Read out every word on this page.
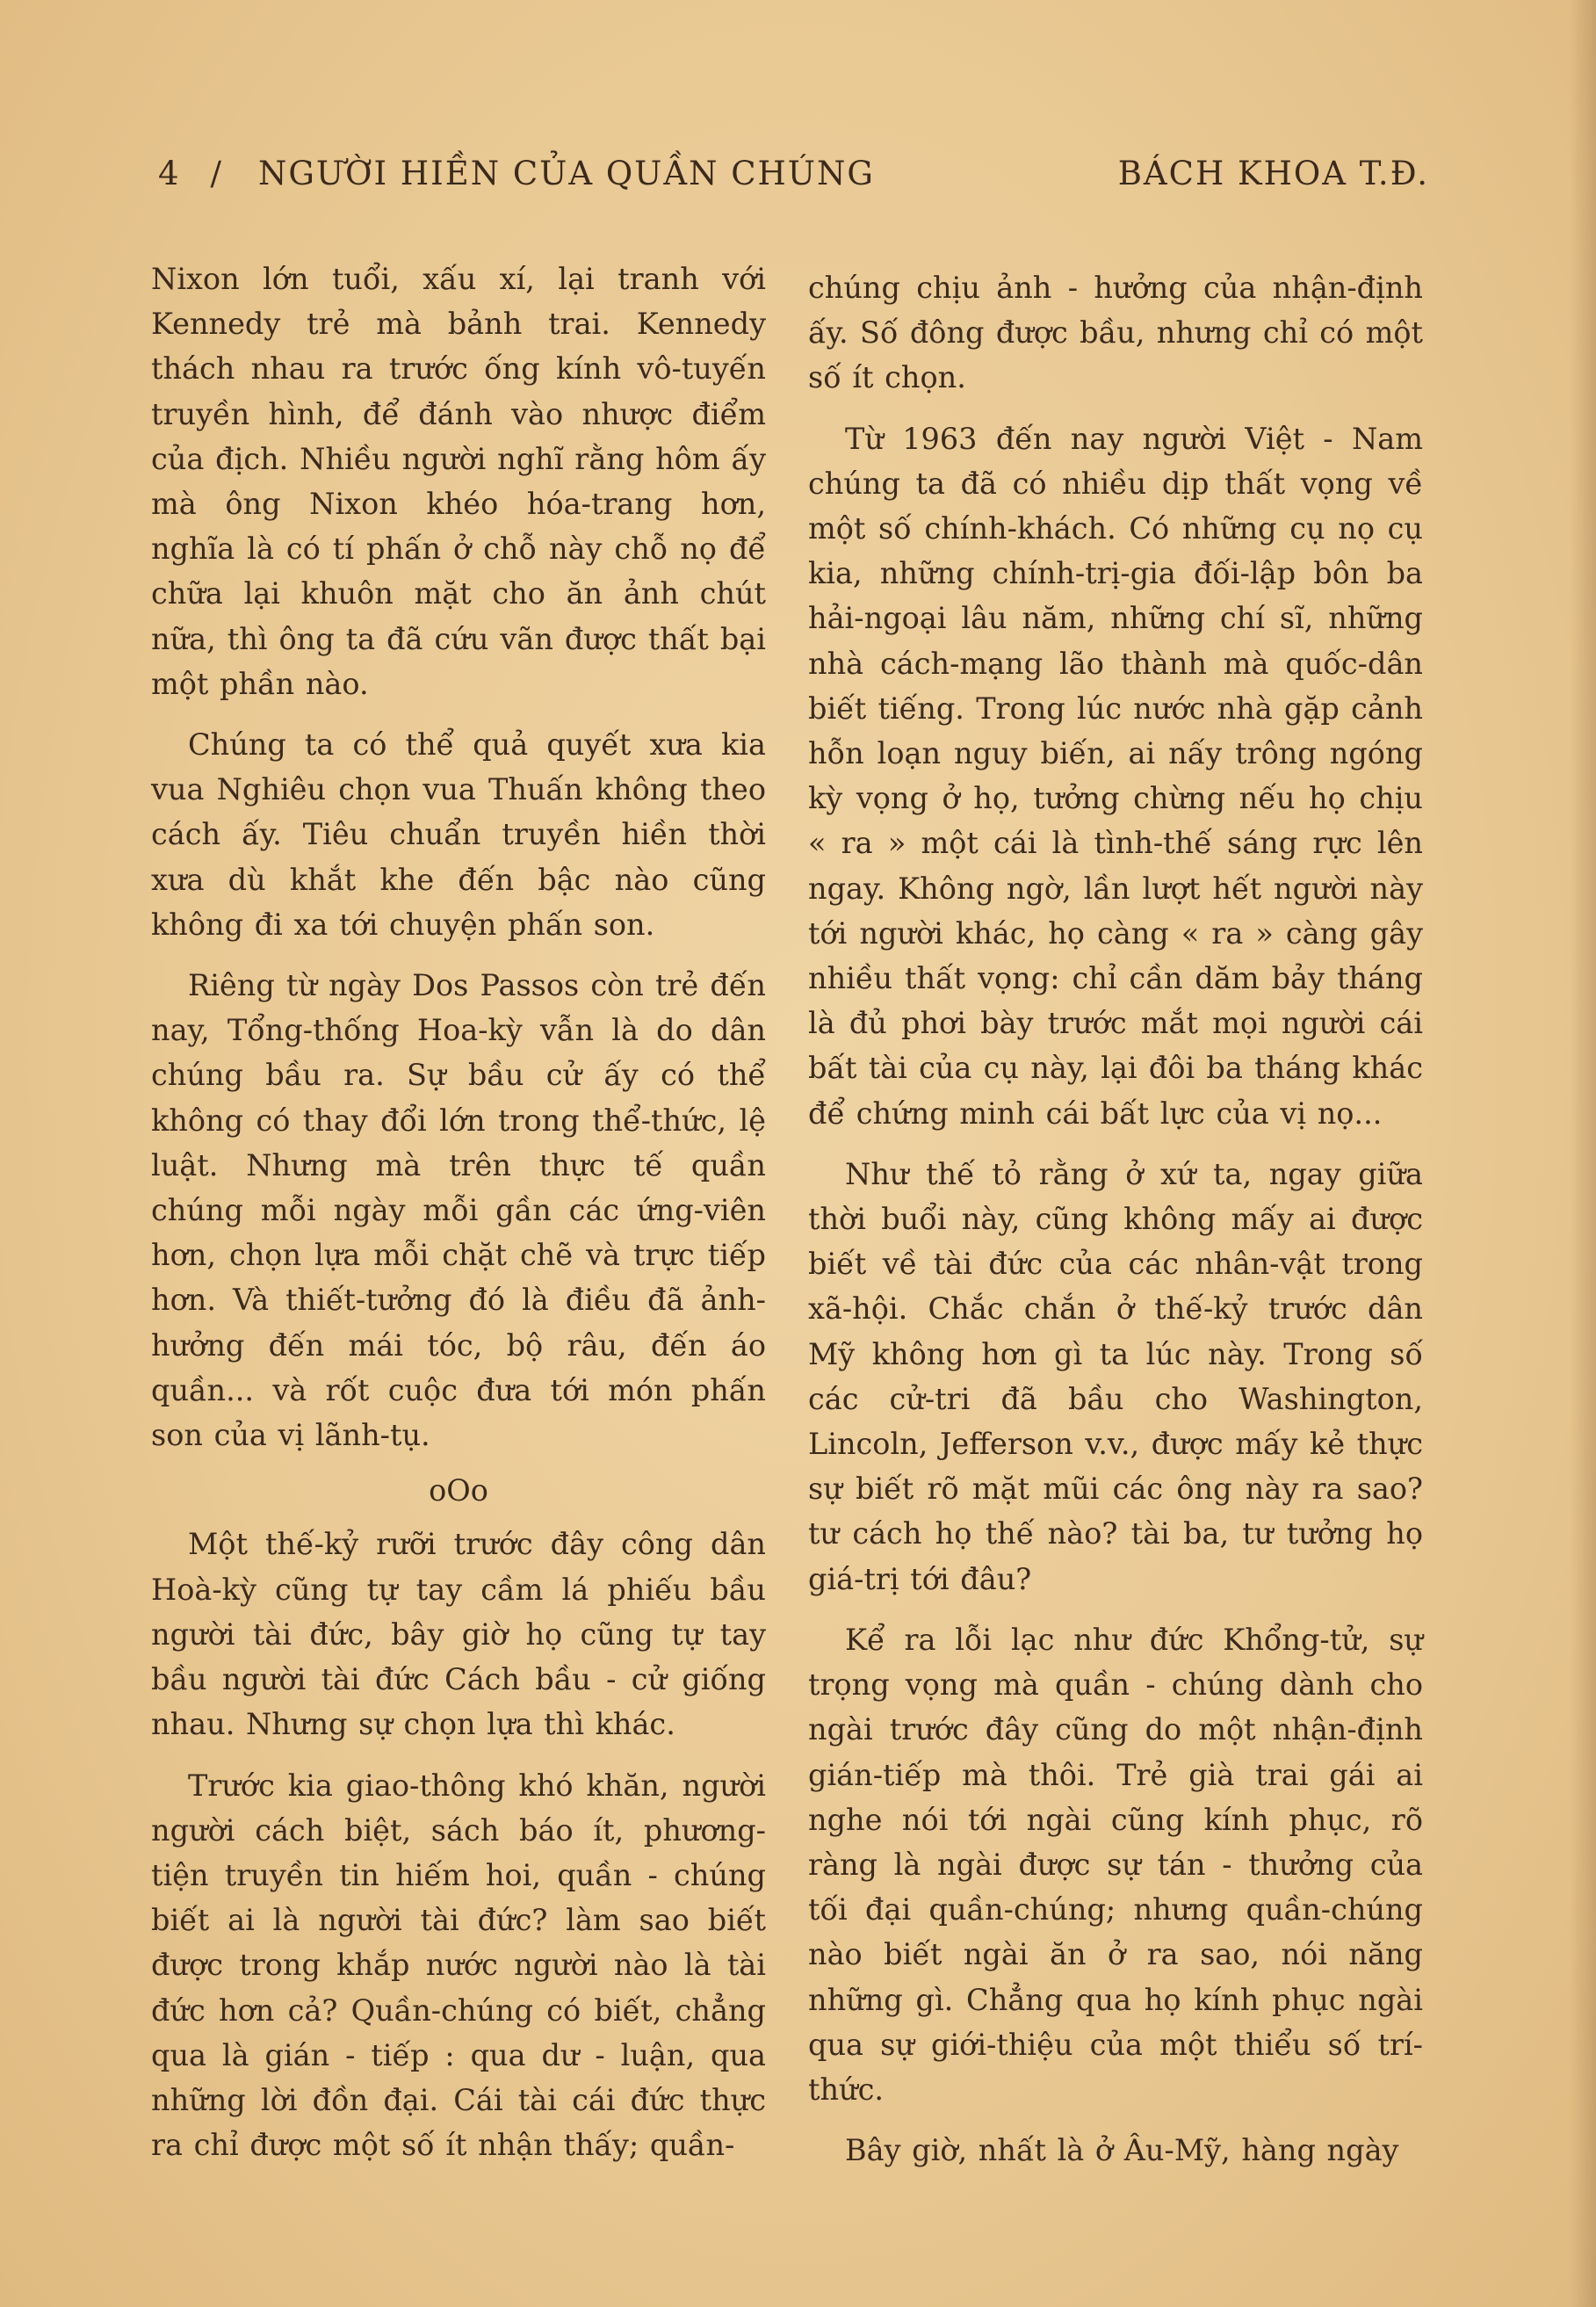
4 / NGƯỜI HIỀN CỦA QUẦN CHÚNG	BÁCH KHOA T.Đ.

Nixon lớn tuổi, xấu xí, lại tranh với Kennedy trẻ mà bảnh trai. Kennedy thách nhau ra trước ống kính vô-tuyến truyền hình, để đánh vào nhược điểm của địch. Nhiều người nghĩ rằng hôm ấy mà ông Nixon khéo hóa-trang hơn, nghĩa là có tí phấn ở chỗ này chỗ nọ để chữa lại khuôn mặt cho ăn ảnh chút nữa, thì ông ta đã cứu vãn được thất bại một phần nào.

Chúng ta có thể quả quyết xưa kia vua Nghiêu chọn vua Thuấn không theo cách ấy. Tiêu chuẩn truyền hiền thời xưa dù khắt khe đến bậc nào cũng không đi xa tới chuyện phấn son.

Riêng từ ngày Dos Passos còn trẻ đến nay, Tổng-thống Hoa-kỳ vẫn là do dân chúng bầu ra. Sự bầu cử ấy có thể không có thay đổi lớn trong thể-thức, lệ luật. Nhưng mà trên thực tế quần chúng mỗi ngày mỗi gần các ứng-viên hơn, chọn lựa mỗi chặt chẽ và trực tiếp hơn. Và thiết-tưởng đó là điều đã ảnh-hưởng đến mái tóc, bộ râu, đến áo quần... và rốt cuộc đưa tới món phấn son của vị lãnh-tụ.

oOo

Một thế-kỷ rưỡi trước đây công dân Hoà-kỳ cũng tự tay cầm lá phiếu bầu người tài đức, bây giờ họ cũng tự tay bầu người tài đức Cách bầu - cử giống nhau. Nhưng sự chọn lựa thì khác.

Trước kia giao-thông khó khăn, người người cách biệt, sách báo ít, phương-tiện truyền tin hiếm hoi, quần - chúng biết ai là người tài đức? làm sao biết được trong khắp nước người nào là tài đức hơn cả? Quần-chúng có biết, chẳng qua là gián - tiếp : qua dư - luận, qua những lời đồn đại. Cái tài cái đức thực ra chỉ được một số ít nhận thấy; quần-

chúng chịu ảnh - hưởng của nhận-định ấy. Số đông được bầu, nhưng chỉ có một số ít chọn.

Từ 1963 đến nay người Việt - Nam chúng ta đã có nhiều dịp thất vọng về một số chính-khách. Có những cụ nọ cụ kia, những chính-trị-gia đối-lập bôn ba hải-ngoại lâu năm, những chí sĩ, những nhà cách-mạng lão thành mà quốc-dân biết tiếng. Trong lúc nước nhà gặp cảnh hỗn loạn nguy biến, ai nấy trông ngóng kỳ vọng ở họ, tưởng chừng nếu họ chịu « ra » một cái là tình-thế sáng rực lên ngay. Không ngờ, lần lượt hết người này tới người khác, họ càng « ra » càng gây nhiều thất vọng: chỉ cần dăm bảy tháng là đủ phơi bày trước mắt mọi người cái bất tài của cụ này, lại đôi ba tháng khác để chứng minh cái bất lực của vị nọ...

Như thế tỏ rằng ở xứ ta, ngay giữa thời buổi này, cũng không mấy ai được biết về tài đức của các nhân-vật trong xã-hội. Chắc chắn ở thế-kỷ trước dân Mỹ không hơn gì ta lúc này. Trong số các cử-tri đã bầu cho Washington, Lincoln, Jefferson v.v., được mấy kẻ thực sự biết rõ mặt mũi các ông này ra sao? tư cách họ thế nào? tài ba, tư tưởng họ giá-trị tới đâu?

Kể ra lỗi lạc như đức Khổng-tử, sự trọng vọng mà quần - chúng dành cho ngài trước đây cũng do một nhận-định gián-tiếp mà thôi. Trẻ già trai gái ai nghe nói tới ngài cũng kính phục, rõ ràng là ngài được sự tán - thưởng của tối đại quần-chúng; nhưng quần-chúng nào biết ngài ăn ở ra sao, nói năng những gì. Chẳng qua họ kính phục ngài qua sự giới-thiệu của một thiểu số trí-thức.

Bây giờ, nhất là ở Âu-Mỹ, hàng ngày
